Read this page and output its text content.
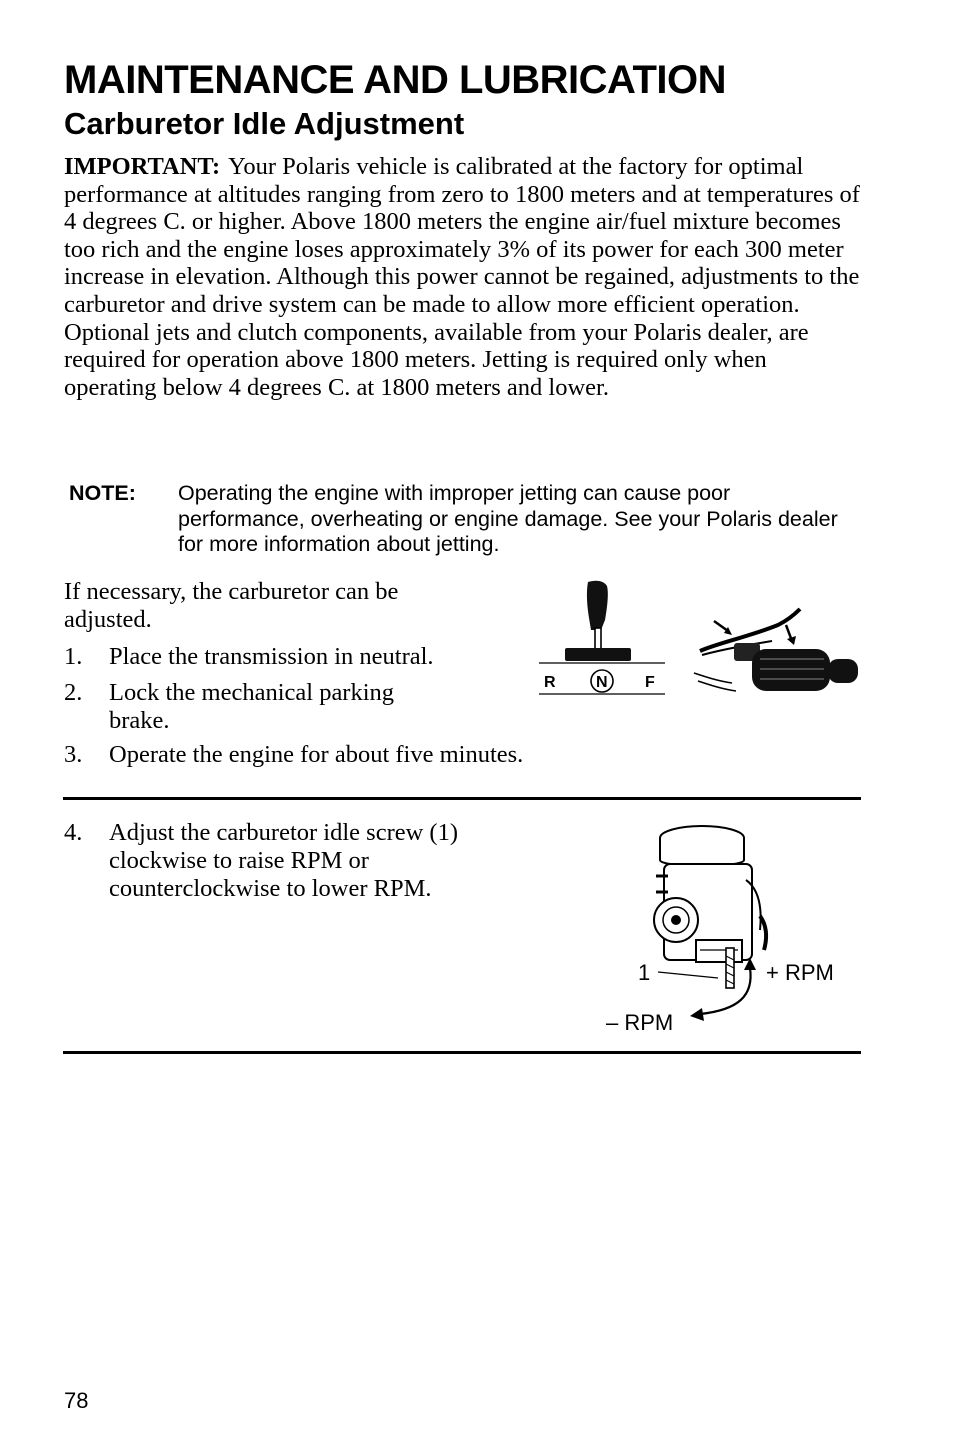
MAINTENANCE AND LUBRICATION
Carburetor Idle Adjustment

IMPORTANT: Your Polaris vehicle is calibrated at the factory for optimal performance at altitudes ranging from zero to 1800 meters and at temperatures of 4 degrees C. or higher. Above 1800 meters the engine air/fuel mixture becomes too rich and the engine loses approximately 3% of its power for each 300 meter increase in elevation. Although this power cannot be regained, adjustments to the carburetor and drive system can be made to allow more efficient operation. Optional jets and clutch components, available from your Polaris dealer, are required for operation above 1800 meters. Jetting is required only when operating below 4 degrees C. at 1800 meters and lower.

NOTE: Operating the engine with improper jetting can cause poor performance, overheating or engine damage. See your Polaris dealer for more information about jetting.

If necessary, the carburetor can be adjusted.

1. Place the transmission in neutral.
2. Lock the mechanical parking brake.
3. Operate the engine for about five minutes.
4. Adjust the carburetor idle screw (1) clockwise to raise RPM or counterclockwise to lower RPM.
R	N F
1	+ RPM
– RPM
78
